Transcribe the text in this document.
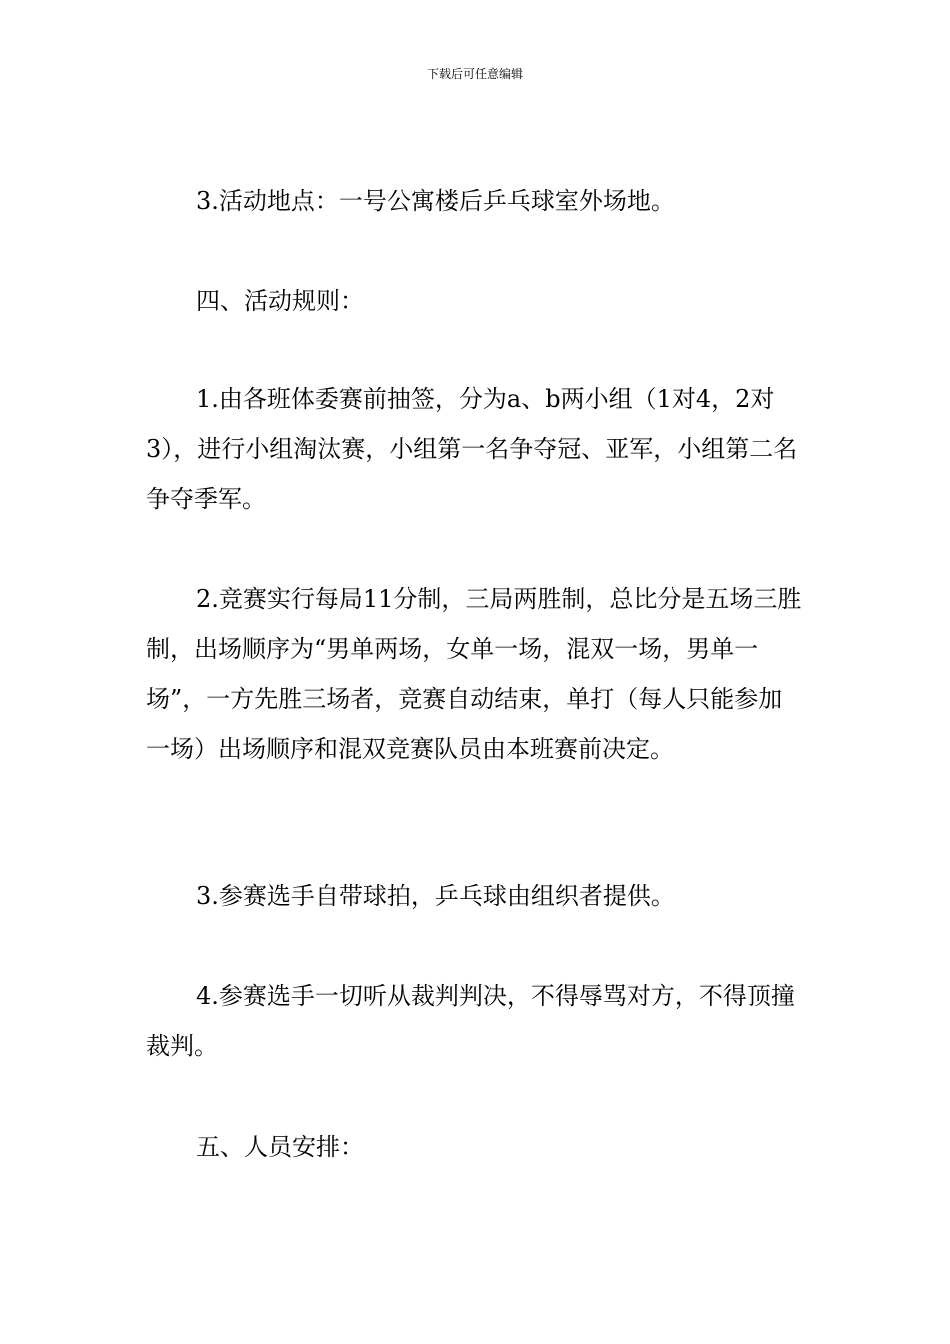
下载后可任意编辑

3.活动地点：一号公寓楼后乒乓球室外场地。

四、活动规则：

1.由各班体委赛前抽签，分为a、b两小组（1对4，2对3），进行小组淘汰赛，小组第一名争夺冠、亚军，小组第二名争夺季军。

2.竞赛实行每局11分制，三局两胜制，总比分是五场三胜制，出场顺序为“男单两场，女单一场，混双一场，男单一场”，一方先胜三场者，竞赛自动结束，单打（每人只能参加一场）出场顺序和混双竞赛队员由本班赛前决定。

3.参赛选手自带球拍，乒乓球由组织者提供。

4.参赛选手一切听从裁判判决，不得辱骂对方，不得顶撞裁判。

五、人员安排：
